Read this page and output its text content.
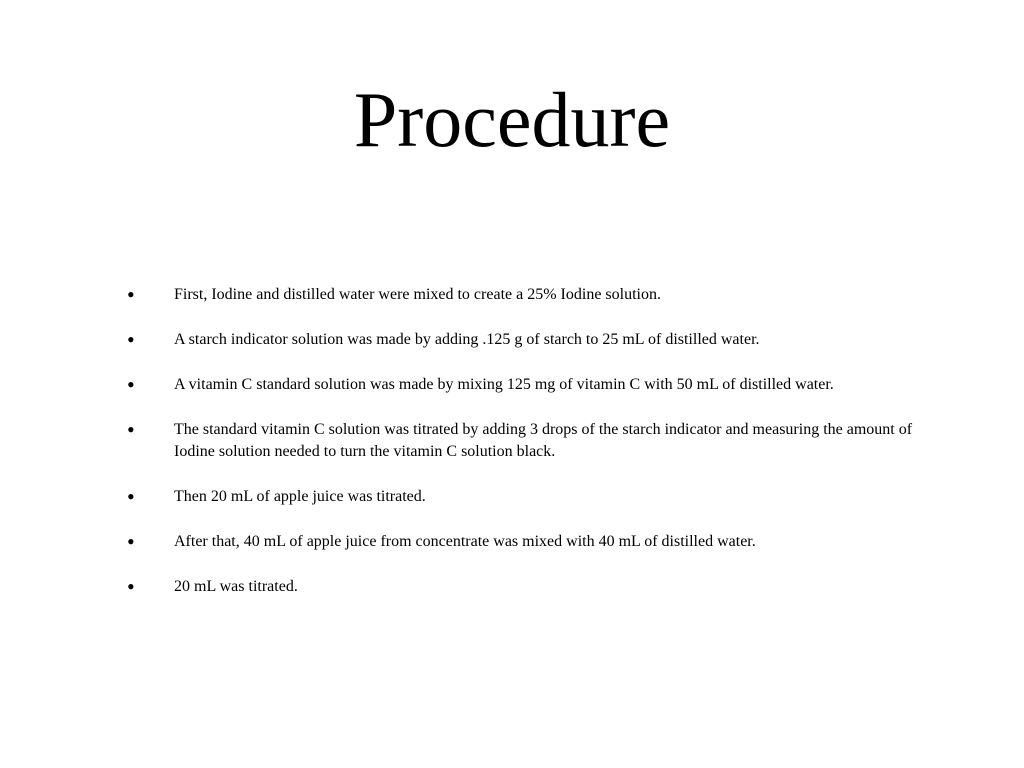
Procedure
•	First, Iodine and distilled water were mixed to create a 25% Iodine solution.
•	A starch indicator solution was made by adding .125 g of starch to 25 mL of distilled water.
•	A vitamin C standard solution was made by mixing 125 mg of vitamin C with 50 mL of distilled water.
•	The standard vitamin C solution was titrated by adding 3 drops of the starch indicator and measuring the amount of Iodine solution needed to turn the vitamin C solution black.
•	Then 20 mL of apple juice was titrated.
•	After that, 40 mL of apple juice from concentrate was mixed with 40 mL of distilled water.
•	20 mL was titrated.
